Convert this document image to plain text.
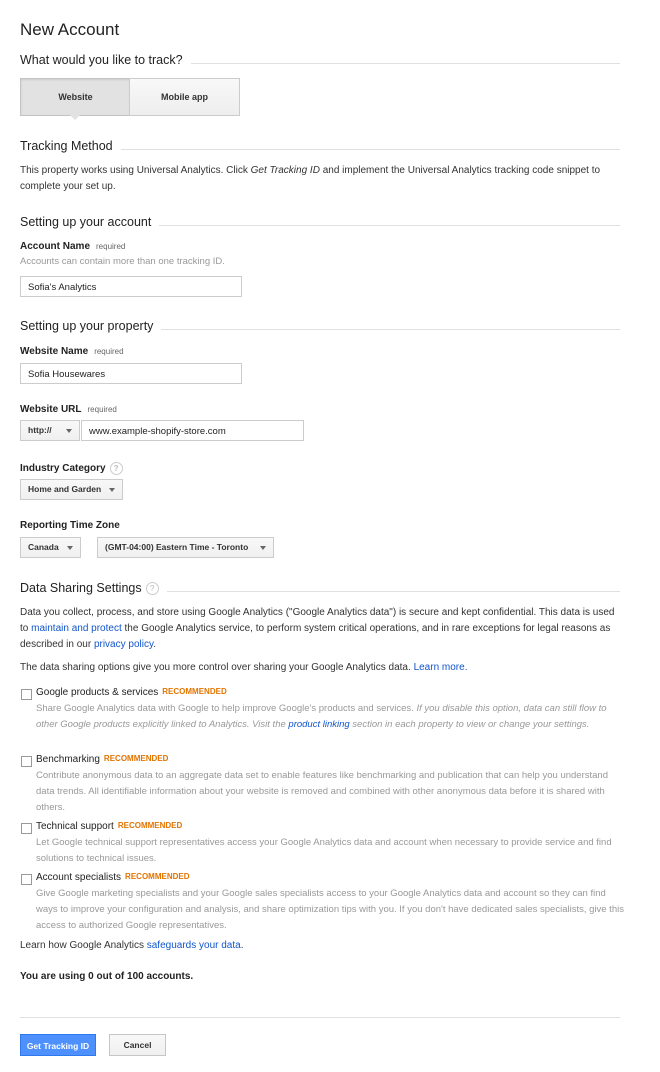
New Account
What would you like to track?
Website	Mobile app
Tracking Method
This property works using Universal Analytics. Click Get Tracking ID and implement the Universal Analytics tracking code snippet to complete your set up.
Setting up your account
Account Name required
Accounts can contain more than one tracking ID.
Sofia's Analytics
Setting up your property
Website Name required
Sofia Housewares
Website URL required
http://	www.example-shopify-store.com
Industry Category ?
Home and Garden
Reporting Time Zone
Canada	(GMT-04:00) Eastern Time - Toronto
Data Sharing Settings ?
Data you collect, process, and store using Google Analytics ("Google Analytics data") is secure and kept confidential. This data is used to maintain and protect the Google Analytics service, to perform system critical operations, and in rare exceptions for legal reasons as described in our privacy policy.
The data sharing options give you more control over sharing your Google Analytics data. Learn more.
Google products & services $^{RECOMMENDED}$
Share Google Analytics data with Google to help improve Google's products and services. If you disable this option, data can still flow to other Google products explicitly linked to Analytics. Visit the product linking section in each property to view or change your settings.
Benchmarking $^{RECOMMENDED}$
Contribute anonymous data to an aggregate data set to enable features like benchmarking and publication that can help you understand data trends. All identifiable information about your website is removed and combined with other anonymous data before it is shared with others.
Technical support $^{RECOMMENDED}$
Let Google technical support representatives access your Google Analytics data and account when necessary to provide service and find solutions to technical issues.
Account specialists $^{RECOMMENDED}$
Give Google marketing specialists and your Google sales specialists access to your Google Analytics data and account so they can find ways to improve your configuration and analysis, and share optimization tips with you. If you don't have dedicated sales specialists, give this access to authorized Google representatives.
Learn how Google Analytics safeguards your data.
You are using 0 out of 100 accounts.
Get Tracking ID	Cancel
